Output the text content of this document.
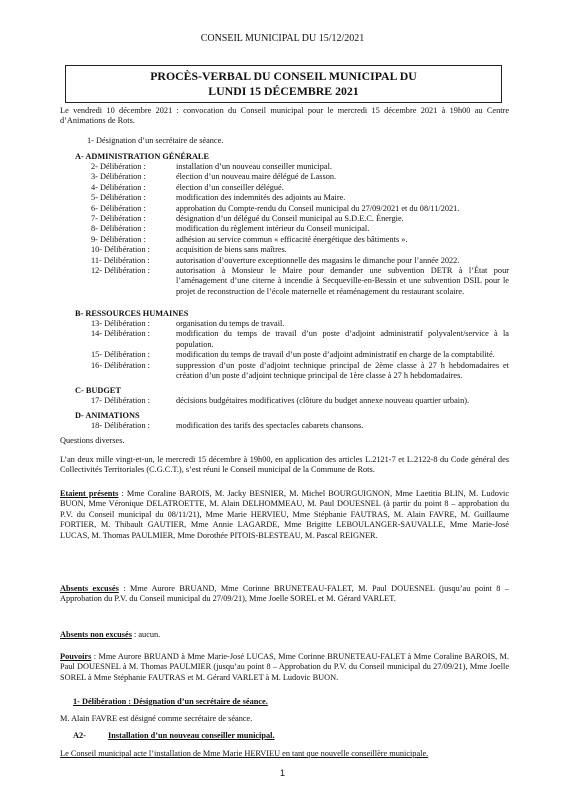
CONSEIL MUNICIPAL DU 15/12/2021
PROCÈS-VERBAL DU CONSEIL MUNICIPAL DU
LUNDI 15 DÉCEMBRE 2021
Le vendredi 10 décembre 2021 : convocation du Conseil municipal pour le mercredi 15 décembre 2021 à 19h00 au Centre d’Animations de Rots.
1- Désignation d’un secrétaire de séance.
A- ADMINISTRATION GÉNÉRALE
2- Délibération :	installation d’un nouveau conseiller municipal.
3- Délibération :	élection d’un nouveau maire délégué de Lasson.
4- Délibération :	élection d’un conseiller délégué.
5- Délibération :	modification des indemnités des adjoints au Maire.
6- Délibération :	approbation du Compte-rendu du Conseil municipal du 27/09/2021 et du 08/11/2021.
7- Délibération :	désignation d’un délégué du Conseil municipal au S.D.E.C. Énergie.
8- Délibération :	modification du règlement intérieur du Conseil municipal.
9- Délibération :	adhésion au service commun « efficacité énergétique des bâtiments ».
10- Délibération :	acquisition de biens sans maîtres.
11- Délibération :	autorisation d’ouverture exceptionnelle des magasins le dimanche pour l’année 2022.
12- Délibération :	autorisation à Monsieur le Maire pour demander une subvention DETR à l’État pour l’aménagement d’une citerne à incendie à Secqueville-en-Bessin et une subvention DSIL pour le projet de reconstruction de l’école maternelle et réaménagement du restaurant scolaire.
B- RESSOURCES HUMAINES
13- Délibération :	organisation du temps de travail.
14- Délibération :	modification du temps de travail d’un poste d’adjoint administratif polyvalent/service à la population.
15- Délibération :	modification du temps de travail d’un poste d’adjoint administratif en charge de la comptabilité.
16- Délibération :	suppression d’un poste d’adjoint technique principal de 2ème classe à 27 h hebdomadaires et création d’un poste d’adjoint technique principal de 1ère classe à 27 h hebdomadaires.
C- BUDGET
17- Délibération :	décisions budgétaires modificatives (clôture du budget annexe nouveau quartier urbain).
D- ANIMATIONS
18- Délibération :	modification des tarifs des spectacles cabarets chansons.
Questions diverses.
L’an deux mille vingt-et-un, le mercredi 15 décembre à 19h00, en application des articles L.2121-7 et L.2122-8 du Code général des Collectivités Territoriales (C.G.C.T.), s’est réuni le Conseil municipal de la Commune de Rots.
Etaient présents : Mme Coraline BAROIS, M. Jacky BESNIER, M. Michel BOURGUIGNON, Mme Laetitia BLIN, M. Ludovic BUON, Mme Véronique DELATROETTE, M. Alain DELHOMMEAU, M. Paul DOUESNEL (à partir du point 8 – approbation du P.V. du Conseil municipal du 08/11/21), Mme Marie HERVIEU, Mme Stéphanie FAUTRAS, M. Alain FAVRE, M. Guillaume FORTIER, M. Thibault GAUTIER, Mme Annie LAGARDE, Mme Brigitte LEBOULANGER-SAUVALLE, Mme Marie-José LUCAS, M. Thomas PAULMIER, Mme Dorothée PITOIS-BLESTEAU, M. Pascal REIGNER.
Absents excusés : Mme Aurore BRUAND, Mme Corinne BRUNETEAU-FALET, M. Paul DOUESNEL (jusqu’au point 8 – Approbation du P.V. du Conseil municipal du 27/09/21), Mme Joelle SOREL et M. Gérard VARLET.
Absents non excusés : aucun.
Pouvoirs : Mme Aurore BRUAND à Mme Marie-José LUCAS, Mme Corinne BRUNETEAU-FALET à Mme Coraline BAROIS, M. Paul DOUESNEL à M. Thomas PAULMIER (jusqu’au point 8 – Approbation du P.V. du Conseil municipal du 27/09/21), Mme Joelle SOREL à Mme Stéphanie FAUTRAS et M. Gérard VARLET à M. Ludovic BUON.
1- Délibération : Désignation d’un secrétaire de séance.
M. Alain FAVRE est désigné comme secrétaire de séance.
A2-	Installation d’un nouveau conseiller municipal.
Le Conseil municipal acte l’installation de Mme Marie HERVIEU en tant que nouvelle conseillère municipale.
1
